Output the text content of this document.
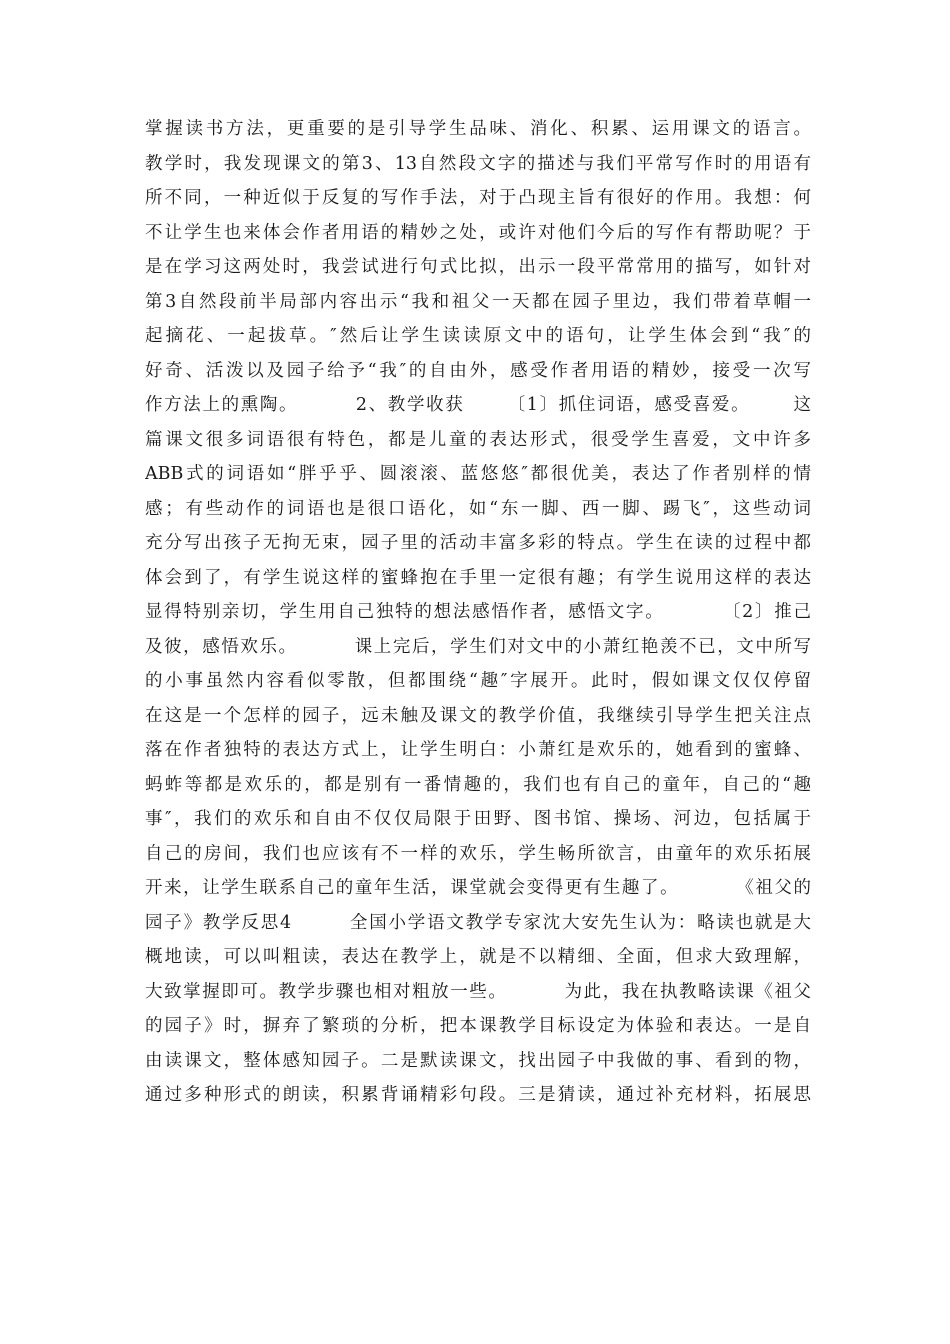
掌握读书方法，更重要的是引导学生品味、消化、积累、运用课文的语言。
教学时，我发现课文的第3、13自然段文字的描述与我们平常写作时的用语有
所不同，一种近似于反复的写作手法，对于凸现主旨有很好的作用。我想：何
不让学生也来体会作者用语的精妙之处，或许对他们今后的写作有帮助呢？于
是在学习这两处时，我尝试进行句式比拟，出示一段平常常用的描写，如针对
第3自然段前半局部内容出示“我和祖父一天都在园子里边，我们带着草帽一
起摘花、一起拔草。″然后让学生读读原文中的语句，让学生体会到“我″的
好奇、活泼以及园子给予“我″的自由外，感受作者用语的精妙，接受一次写
作方法上的熏陶。        2、教学收获      〔1〕抓住词语，感受喜爱。      这
篇课文很多词语很有特色，都是儿童的表达形式，很受学生喜爱，文中许多
ABB式的词语如“胖乎乎、圆滚滚、蓝悠悠″都很优美，表达了作者别样的情
感；有些动作的词语也是很口语化，如“东一脚、西一脚、踢飞″，这些动词
充分写出孩子无拘无束，园子里的活动丰富多彩的特点。学生在读的过程中都
体会到了，有学生说这样的蜜蜂抱在手里一定很有趣；有学生说用这样的表达
显得特别亲切，学生用自己独特的想法感悟作者，感悟文字。        〔2〕推己
及彼，感悟欢乐。        课上完后，学生们对文中的小萧红艳羡不已，文中所写
的小事虽然内容看似零散，但都围绕“趣″字展开。此时，假如课文仅仅停留
在这是一个怎样的园子，远未触及课文的教学价值，我继续引导学生把关注点
落在作者独特的表达方式上，让学生明白：小萧红是欢乐的，她看到的蜜蜂、
蚂蚱等都是欢乐的，都是别有一番情趣的，我们也有自己的童年，自己的“趣
事″，我们的欢乐和自由不仅仅局限于田野、图书馆、操场、河边，包括属于
自己的房间，我们也应该有不一样的欢乐，学生畅所欲言，由童年的欢乐拓展
开来，让学生联系自己的童年生活，课堂就会变得更有生趣了。        《祖父的
园子》教学反思4        全国小学语文教学专家沈大安先生认为：略读也就是大
概地读，可以叫粗读，表达在教学上，就是不以精细、全面，但求大致理解，
大致掌握即可。教学步骤也相对粗放一些。        为此，我在执教略读课《祖父
的园子》时，摒弃了繁琐的分析，把本课教学目标设定为体验和表达。一是自
由读课文，整体感知园子。二是默读课文，找出园子中我做的事、看到的物，
通过多种形式的朗读，积累背诵精彩句段。三是猜读，通过补充材料，拓展思
